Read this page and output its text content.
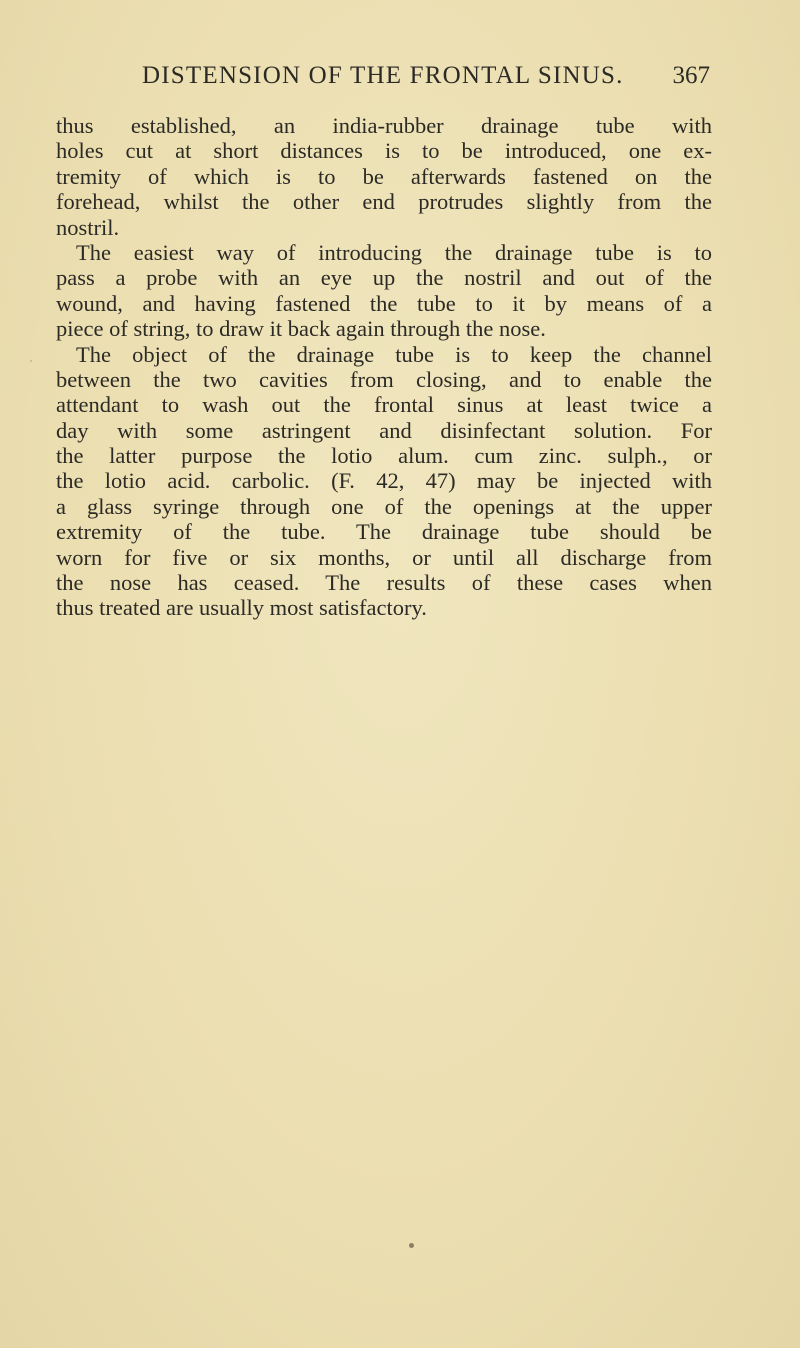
DISTENSION OF THE FRONTAL SINUS. 367
thus established, an india-rubber drainage tube with
holes cut at short distances is to be introduced, one ex-
tremity of which is to be afterwards fastened on the
forehead, whilst the other end protrudes slightly from the
nostril.
The easiest way of introducing the drainage tube is to
pass a probe with an eye up the nostril and out of the
wound, and having fastened the tube to it by means of a
piece of string, to draw it back again through the nose.
The object of the drainage tube is to keep the channel
between the two cavities from closing, and to enable the
attendant to wash out the frontal sinus at least twice a
day with some astringent and disinfectant solution. For
the latter purpose the lotio alum. cum zinc. sulph., or
the lotio acid. carbolic. (F. 42, 47) may be injected with
a glass syringe through one of the openings at the upper
extremity of the tube. The drainage tube should be
worn for five or six months, or until all discharge from
the nose has ceased. The results of these cases when
thus treated are usually most satisfactory.
